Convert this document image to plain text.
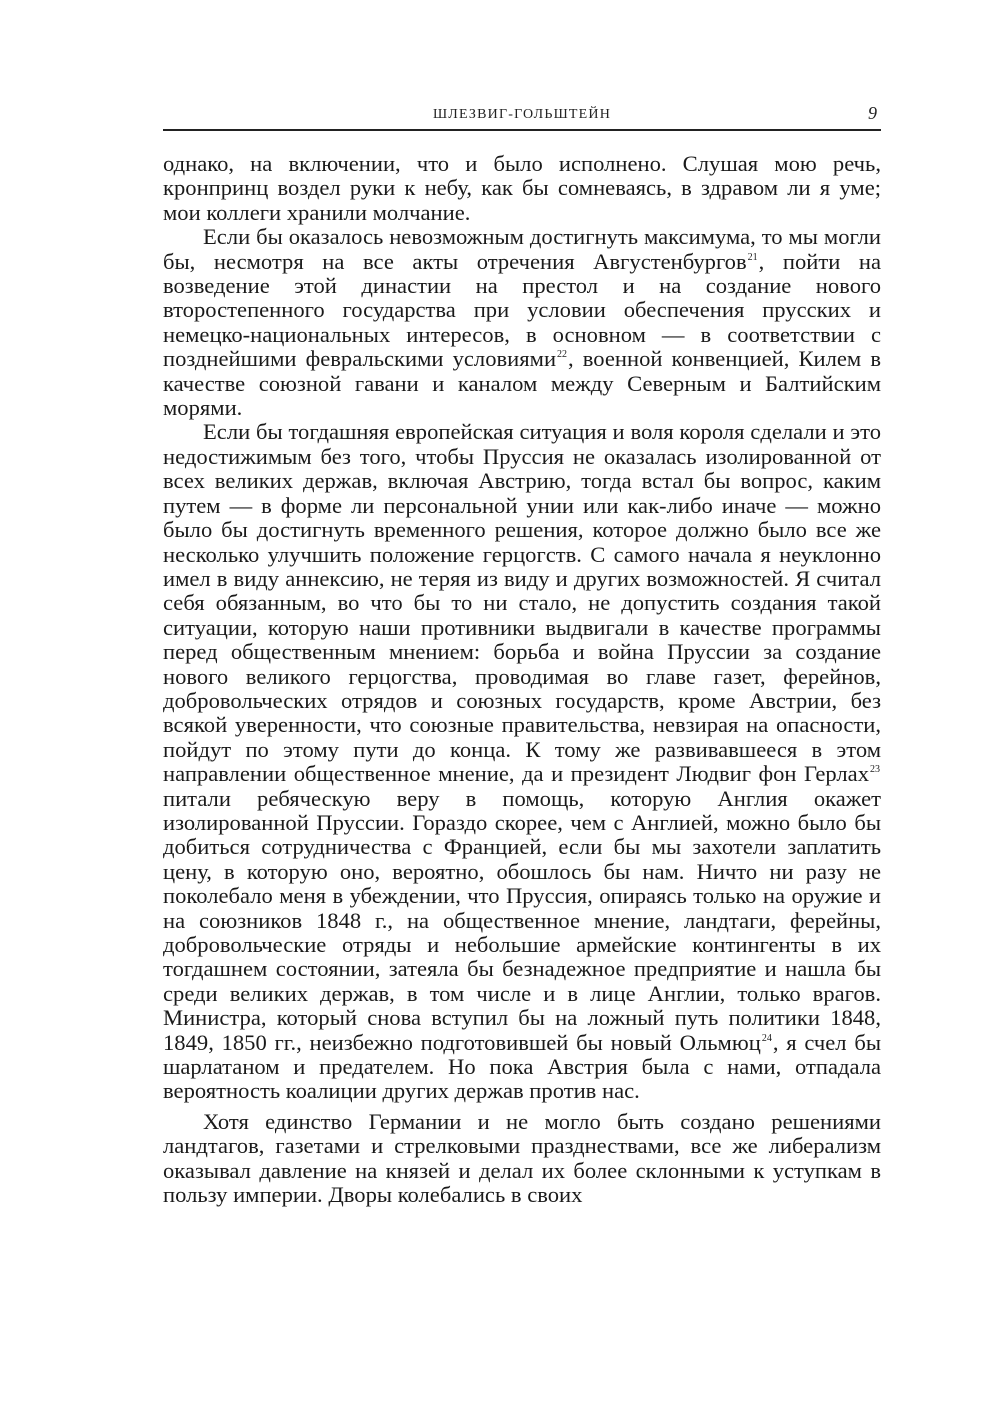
ШЛЕЗВИГ-ГОЛЬШТЕЙН	9

однако, на включении, что и было исполнено. Слушая мою речь, кронпринц воздел руки к небу, как бы сомневаясь, в здравом ли я уме; мои коллеги хранили молчание.

Если бы оказалось невозможным достигнуть максимума, то мы могли бы, несмотря на все акты отречения Августенбургов$^{21}$, пойти на возведение этой династии на престол и на создание нового второстепенного государства при условии обеспечения прусских и немецко-национальных интересов, в основном — в соответствии с позднейшими февральскими условиями$^{22}$, военной конвенцией, Килем в качестве союзной гавани и каналом между Северным и Балтийским морями.

Если бы тогдашняя европейская ситуация и воля короля сделали и это недостижимым без того, чтобы Пруссия не оказалась изолированной от всех великих держав, включая Австрию, тогда встал бы вопрос, каким путем — в форме ли персональной унии или как-либо иначе — можно было бы достигнуть временного решения, которое должно было все же несколько улучшить положение герцогств. С самого начала я неуклонно имел в виду аннексию, не теряя из виду и других возможностей. Я считал себя обязанным, во что бы то ни стало, не допустить создания такой ситуации, которую наши противники выдвигали в качестве программы перед общественным мнением: борьба и война Пруссии за создание нового великого герцогства, проводимая во главе газет, ферейнов, добровольческих отрядов и союзных государств, кроме Австрии, без всякой уверенности, что союзные правительства, невзирая на опасности, пойдут по этому пути до конца. К тому же развивавшееся в этом направлении общественное мнение, да и президент Людвиг фон Герлах$^{23}$ питали ребяческую веру в помощь, которую Англия окажет изолированной Пруссии. Гораздо скорее, чем с Англией, можно было бы добиться сотрудничества с Францией, если бы мы захотели заплатить цену, в которую оно, вероятно, обошлось бы нам. Ничто ни разу не поколебало меня в убеждении, что Пруссия, опираясь только на оружие и на союзников 1848 г., на общественное мнение, ландтаги, ферейны, добровольческие отряды и небольшие армейские контингенты в их тогдашнем состоянии, затеяла бы безнадежное предприятие и нашла бы среди великих держав, в том числе и в лице Англии, только врагов. Министра, который снова вступил бы на ложный путь политики 1848, 1849, 1850 гг., неизбежно подготовившей бы новый Ольмюц$^{24}$, я счел бы шарлатаном и предателем. Но пока Австрия была с нами, отпадала вероятность коалиции других держав против нас.

Хотя единство Германии и не могло быть создано решениями ландтагов, газетами и стрелковыми празднествами, все же либерализм оказывал давление на князей и делал их более склонными к уступкам в пользу империи. Дворы колебались в своих
